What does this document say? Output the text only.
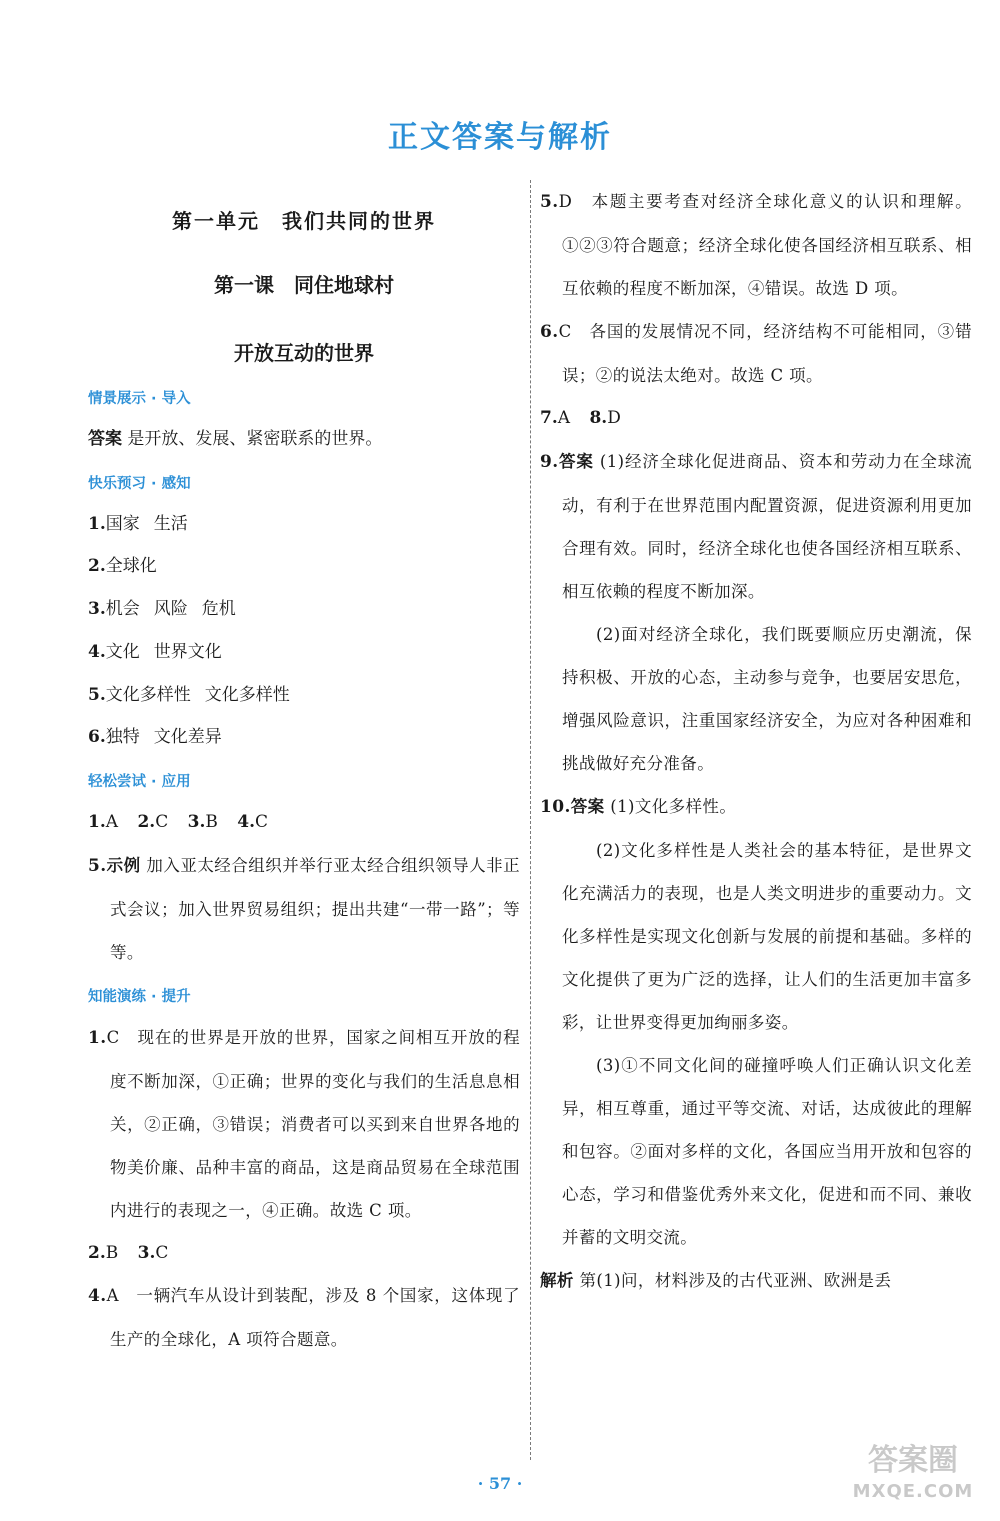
正文答案与解析
第一单元　我们共同的世界
第一课　同住地球村
开放互动的世界
情景展示 · 导入
答案 是开放、发展、紧密联系的世界。
快乐预习 · 感知
1.国家 生活
2.全球化
3.机会 风险 危机
4.文化 世界文化
5.文化多样性 文化多样性
6.独特 文化差异
轻松尝试 · 应用
1.A 2.C 3.B 4.C
5.示例 加入亚太经合组织并举行亚太经合组织领导人非正式会议；加入世界贸易组织；提出共建“一带一路”；等等。
知能演练 · 提升
1.C　 现在的世界是开放的世界，国家之间相互开放的程度不断加深，①正确；世界的变化与我们的生活息息相关，②正确，③错误；消费者可以买到来自世界各地的物美价廉、品种丰富的商品，这是商品贸易在全球范围内进行的表现之一，④正确。故选 C 项。
2.B 3.C
4.A　 一辆汽车从设计到装配，涉及 8 个国家，这体现了生产的全球化，A 项符合题意。
5.D　 本题主要考查对经济全球化意义的认识和理解。①②③符合题意；经济全球化使各国经济相互联系、相互依赖的程度不断加深，④错误。故选 D 项。
6.C　 各国的发展情况不同，经济结构不可能相同，③错误；②的说法太绝对。故选 C 项。
7.A 8.D
9.答案 (1)经济全球化促进商品、资本和劳动力在全球流动，有利于在世界范围内配置资源，促进资源利用更加合理有效。同时，经济全球化也使各国经济相互联系、相互依赖的程度不断加深。
(2)面对经济全球化，我们既要顺应历史潮流，保持积极、开放的心态，主动参与竞争，也要居安思危，增强风险意识，注重国家经济安全，为应对各种困难和挑战做好充分准备。
10.答案 (1)文化多样性。
(2)文化多样性是人类社会的基本特征，是世界文化充满活力的表现，也是人类文明进步的重要动力。文化多样性是实现文化创新与发展的前提和基础。多样的文化提供了更为广泛的选择，让人们的生活更加丰富多彩，让世界变得更加绚丽多姿。
(3)①不同文化间的碰撞呼唤人们正确认识文化差异，相互尊重，通过平等交流、对话，达成彼此的理解和包容。②面对多样的文化，各国应当用开放和包容的心态，学习和借鉴优秀外来文化，促进和而不同、兼收并蓄的文明交流。
解析 第(1)问，材料涉及的古代亚洲、欧洲是丢
· 57 ·
答案圈
MXQE.COM
